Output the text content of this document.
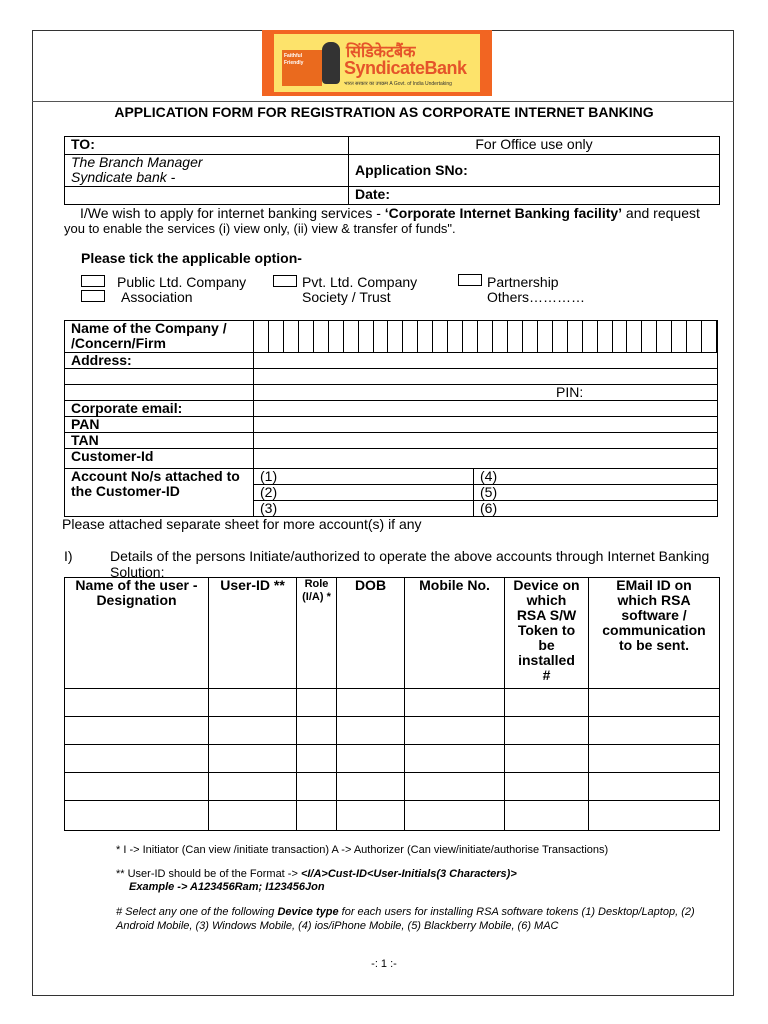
Faithful Friendly
सिंडिकेटबैंक
SyndicateBank
भारत सरकार का उपक्रम A Govt. of India Undertaking
APPLICATION FORM FOR REGISTRATION AS CORPORATE INTERNET BANKING
TO:	For Office use only
The Branch Manager
Syndicate bank -	Application SNo:
	Date:
I/We wish to apply for internet banking services - ‘Corporate Internet Banking facility’ and request
you to enable the services (i) view only, (ii) view & transfer of funds".
Please tick the applicable option-
Public Ltd. Company	Pvt. Ltd. Company	Partnership
Association	Society / Trust	Others…………
Name of the Company / /Concern/Firm		

Address:		

	PIN:	
Corporate email:		
PAN		
TAN		
Customer-Id		
Account No/s attached to the Customer-ID	(1)	(4)
	(2)	(5)
	(3)	(6)
Please attached separate sheet for more account(s) if any
I)	Details of the persons Initiate/authorized to operate the above accounts through Internet Banking Solution:
Name of the user - Designation	User-ID **	Role (I/A) *	DOB	Mobile No.	Device on which RSA S/W Token to be installed #	EMail ID on which RSA software / communication to be sent.

* I -> Initiator (Can view /initiate transaction) A -> Authorizer (Can view/initiate/authorise Transactions)
** User-ID should be of the Format -> <I/A>Cust-ID<User-Initials(3 Characters)>
Example -> A123456Ram; I123456Jon
# Select any one of the following Device type for each users for installing RSA software tokens (1) Desktop/Laptop, (2) Android Mobile, (3) Windows Mobile, (4) ios/iPhone Mobile, (5) Blackberry Mobile, (6) MAC
-: 1 :-
